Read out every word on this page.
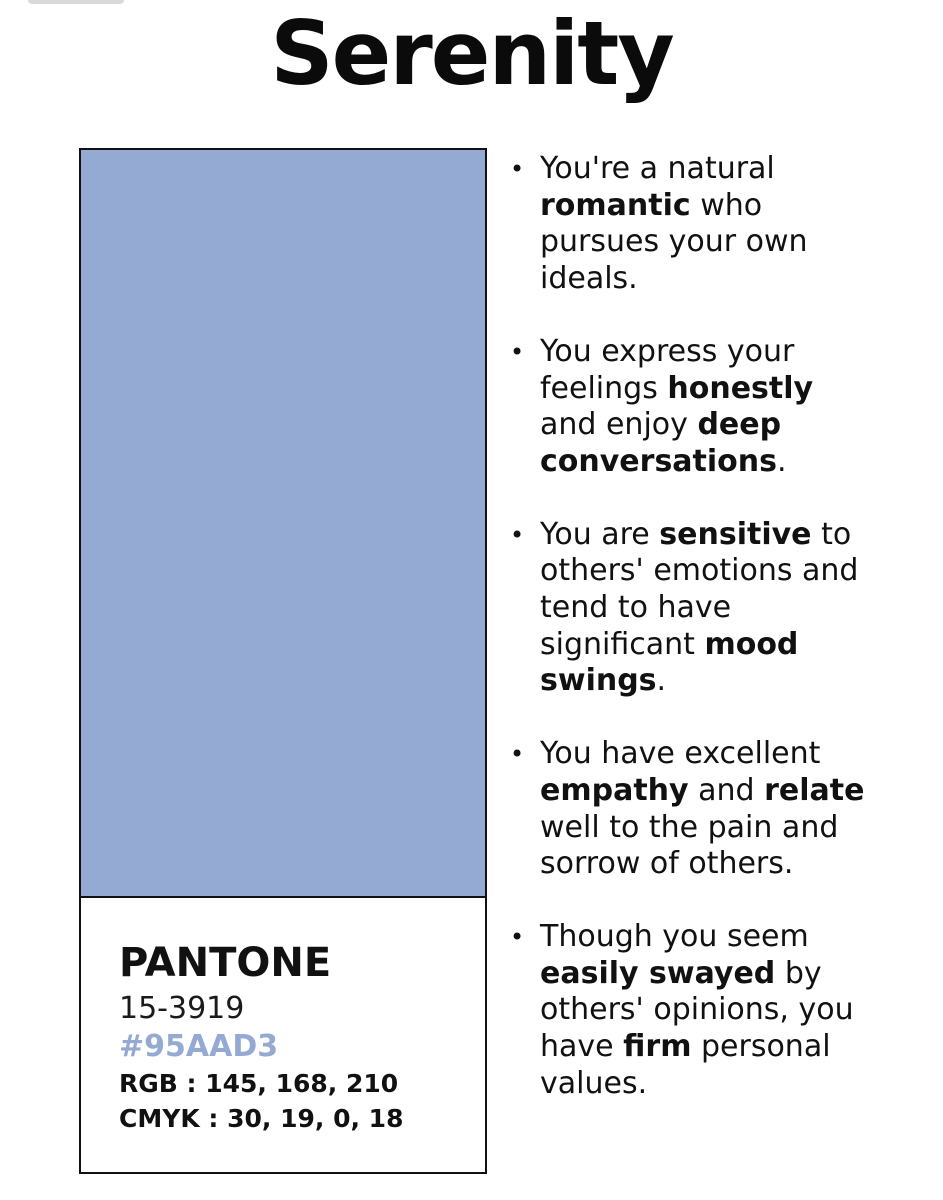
Serenity
PANTONE
15-3919
#95AAD3
RGB : 145, 168, 210
CMYK : 30, 19, 0, 18
• You're a natural
romantic who
pursues your own
ideals.
• You express your
feelings honestly
and enjoy deep
conversations.
• You are sensitive to
others' emotions and
tend to have
significant mood
swings.
• You have excellent
empathy and relate
well to the pain and
sorrow of others.
• Though you seem
easily swayed by
others' opinions, you
have firm personal
values.
